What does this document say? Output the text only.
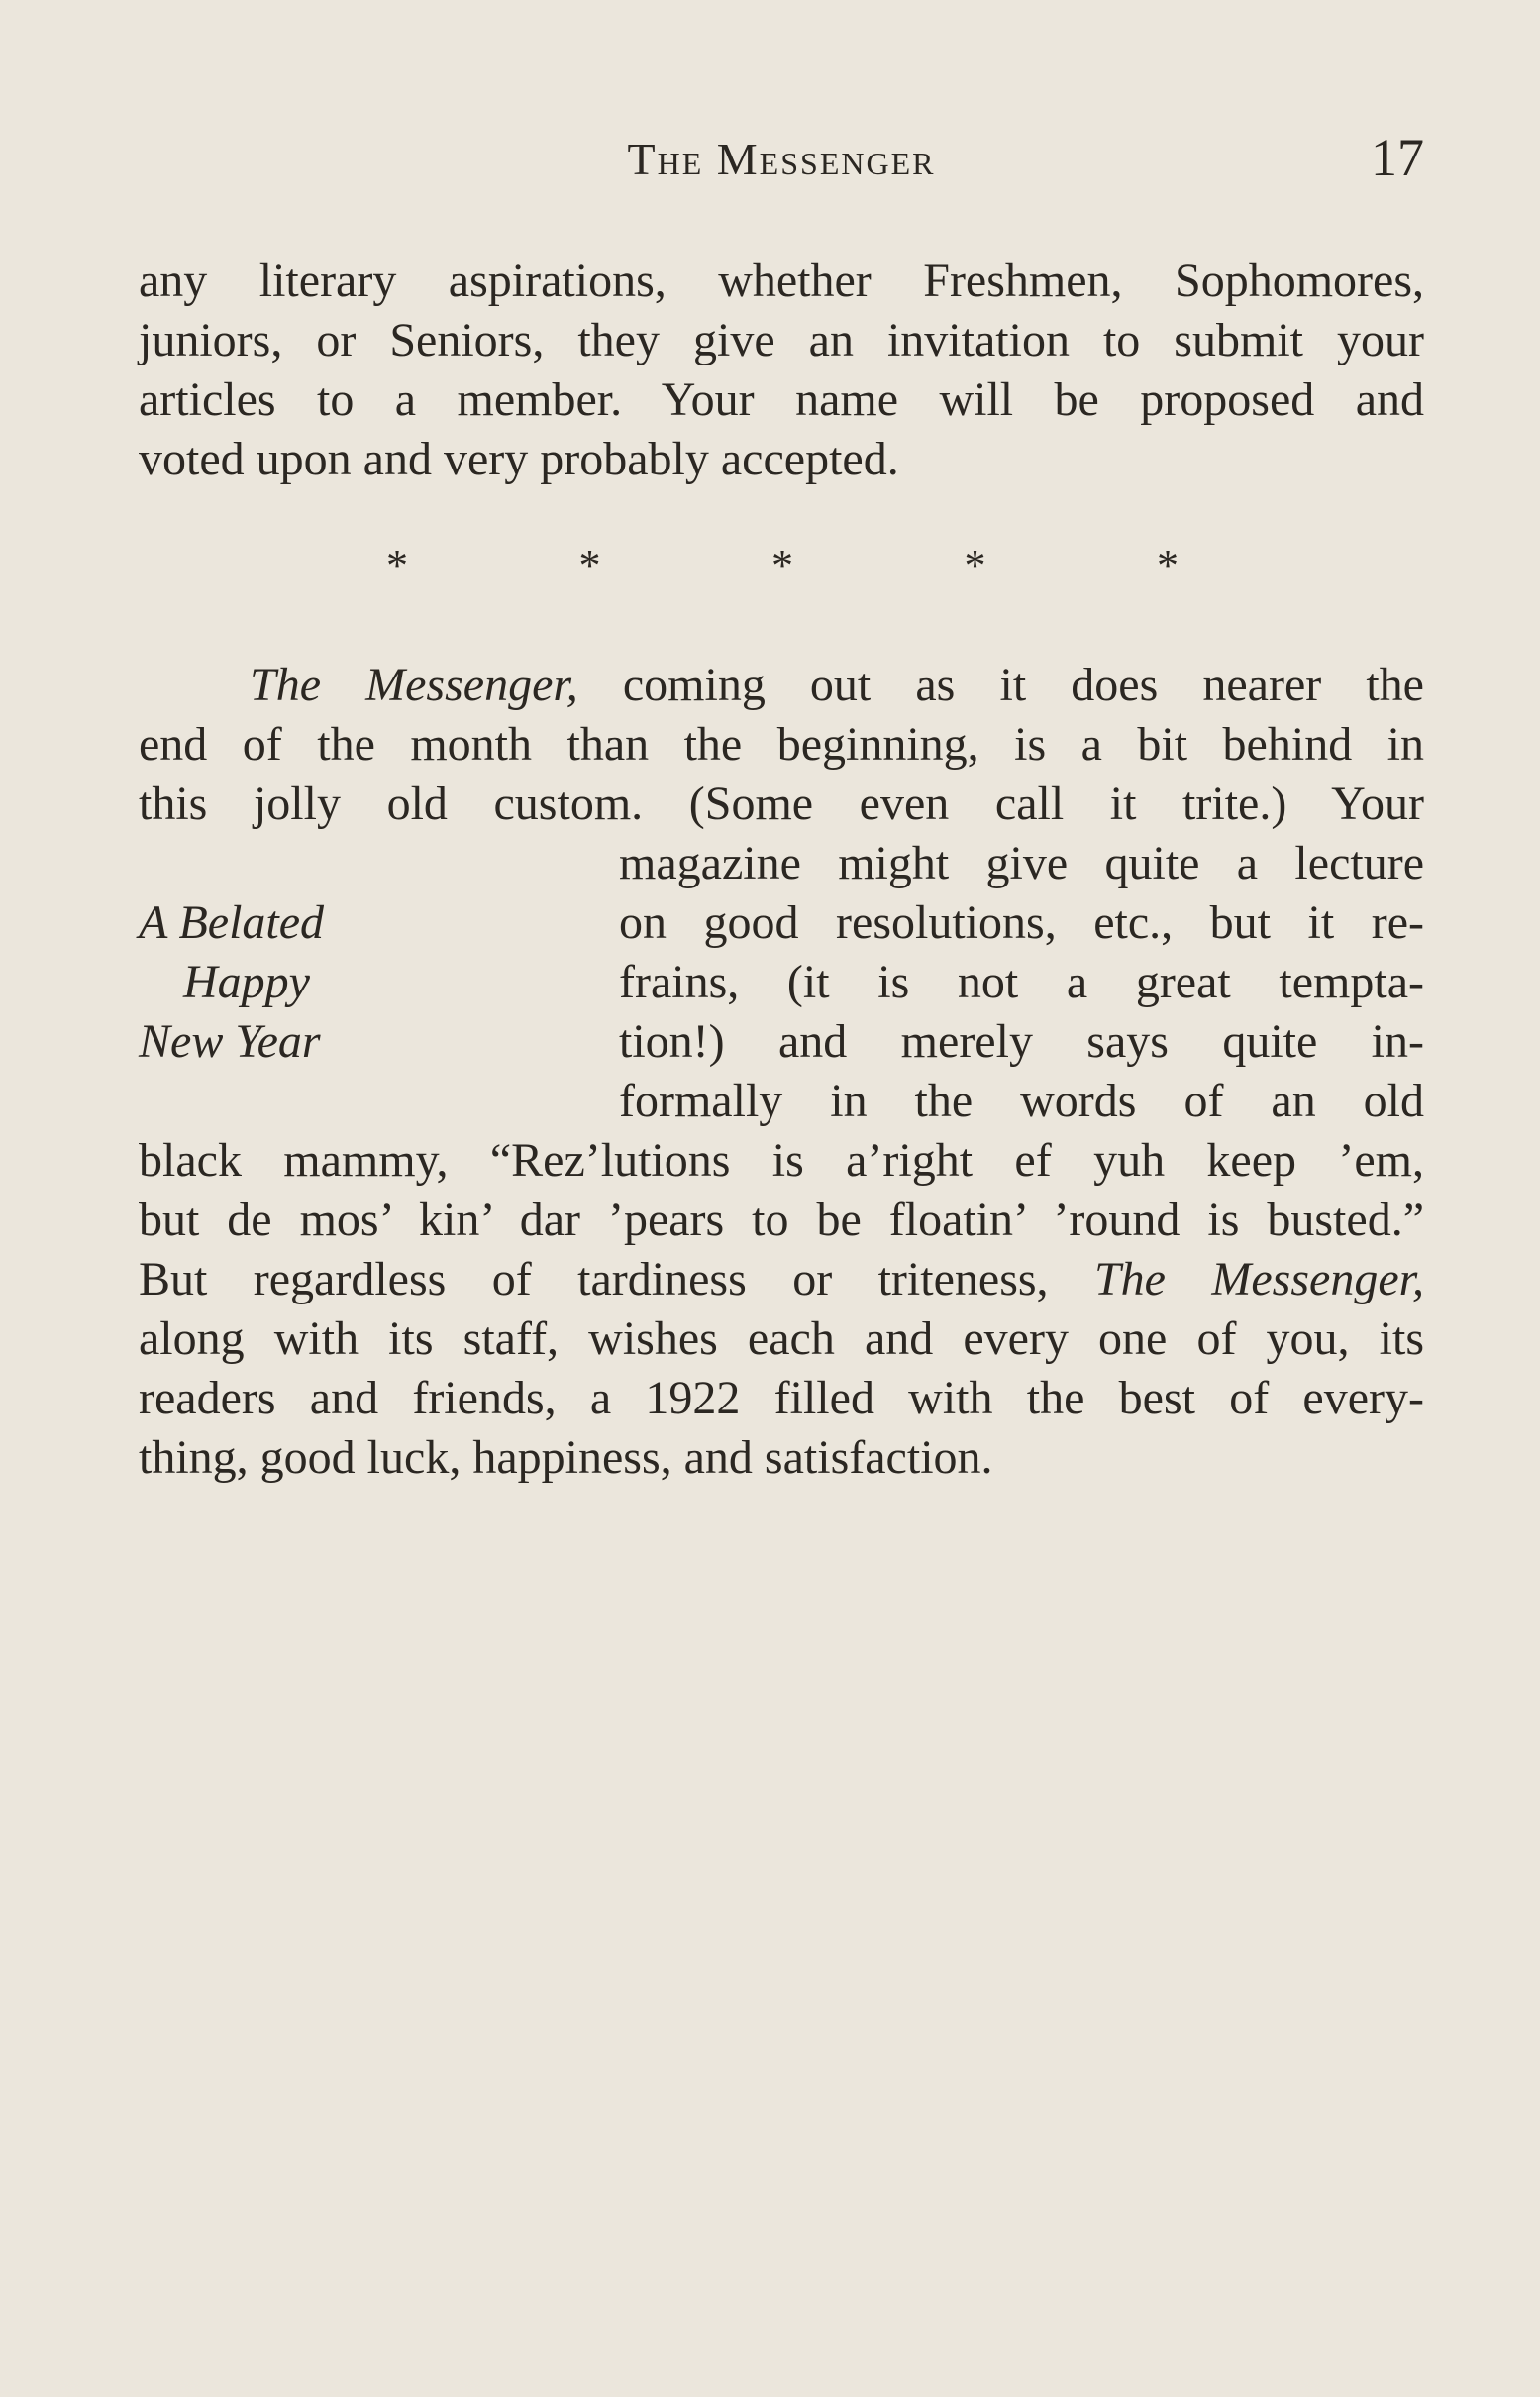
The Messenger	17
any literary aspirations, whether Freshmen, Sophomores,
juniors, or Seniors, they give an invitation to submit your
articles to a member. Your name will be proposed and
voted upon and very probably accepted.
*	*	*	*	*
The Messenger, coming out as it does nearer the
end of the month than the beginning, is a bit behind in
this jolly old custom. (Some even call it trite.) Your
magazine might give quite a lecture
A Belated	on good resolutions, etc., but it re-
Happy	frains, (it is not a great tempta-
New Year	tion!) and merely says quite in-
formally in the words of an old
black mammy, “Rez’lutions is a’right ef yuh keep ’em,
but de mos’ kin’ dar ’pears to be floatin’ ’round is busted.”
But regardless of tardiness or triteness, The Messenger,
along with its staff, wishes each and every one of you, its
readers and friends, a 1922 filled with the best of every-
thing, good luck, happiness, and satisfaction.
